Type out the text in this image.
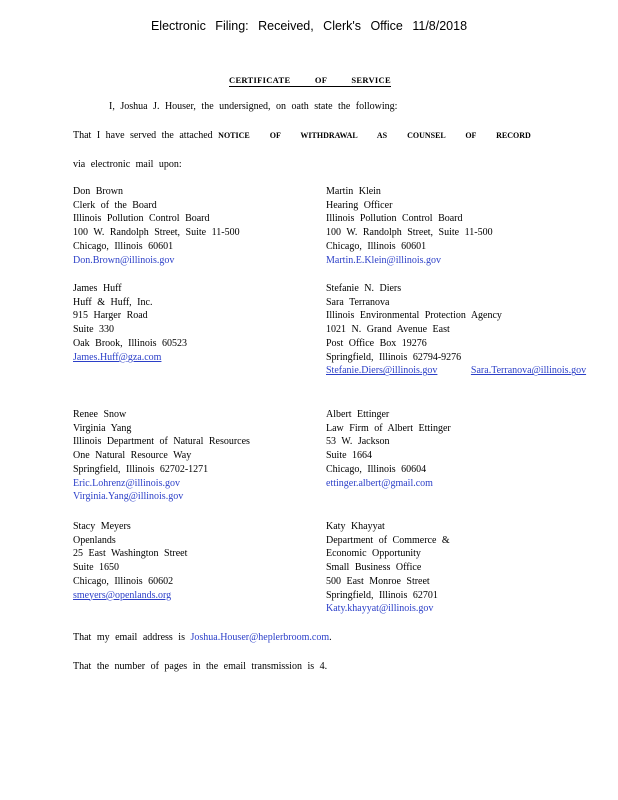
Electronic Filing: Received, Clerk's Office 11/8/2018
CERTIFICATE OF SERVICE
I, Joshua J. Houser, the undersigned, on oath state the following:
That I have served the attached NOTICE OF WITHDRAWAL AS COUNSEL OF RECORD
via electronic mail upon:
Don Brown
Clerk of the Board
Illinois Pollution Control Board
100 W. Randolph Street, Suite 11-500
Chicago, Illinois 60601
Don.Brown@illinois.gov
Martin Klein
Hearing Officer
Illinois Pollution Control Board
100 W. Randolph Street, Suite 11-500
Chicago, Illinois 60601
Martin.E.Klein@illinois.gov
James Huff
Huff & Huff, Inc.
915 Harger Road
Suite 330
Oak Brook, Illinois 60523
James.Huff@gza.com
Stefanie N. Diers
Sara Terranova
Illinois Environmental Protection Agency
1021 N. Grand Avenue East
Post Office Box 19276
Springfield, Illinois 62794-9276
Stefanie.Diers@illinois.gov	Sara.Terranova@illinois.gov
Renee Snow
Virginia Yang
Illinois Department of Natural Resources
One Natural Resource Way
Springfield, Illinois 62702-1271
Eric.Lohrenz@illinois.gov
Virginia.Yang@illinois.gov
Albert Ettinger
Law Firm of Albert Ettinger
53 W. Jackson
Suite 1664
Chicago, Illinois 60604
ettinger.albert@gmail.com
Stacy Meyers
Openlands
25 East Washington Street
Suite 1650
Chicago, Illinois 60602
smeyers@openlands.org
Katy Khayyat
Department of Commerce &
Economic Opportunity
Small Business Office
500 East Monroe Street
Springfield, Illinois 62701
Katy.khayyat@illinois.gov
That my email address is Joshua.Houser@heplerbroom.com.
That the number of pages in the email transmission is 4.
